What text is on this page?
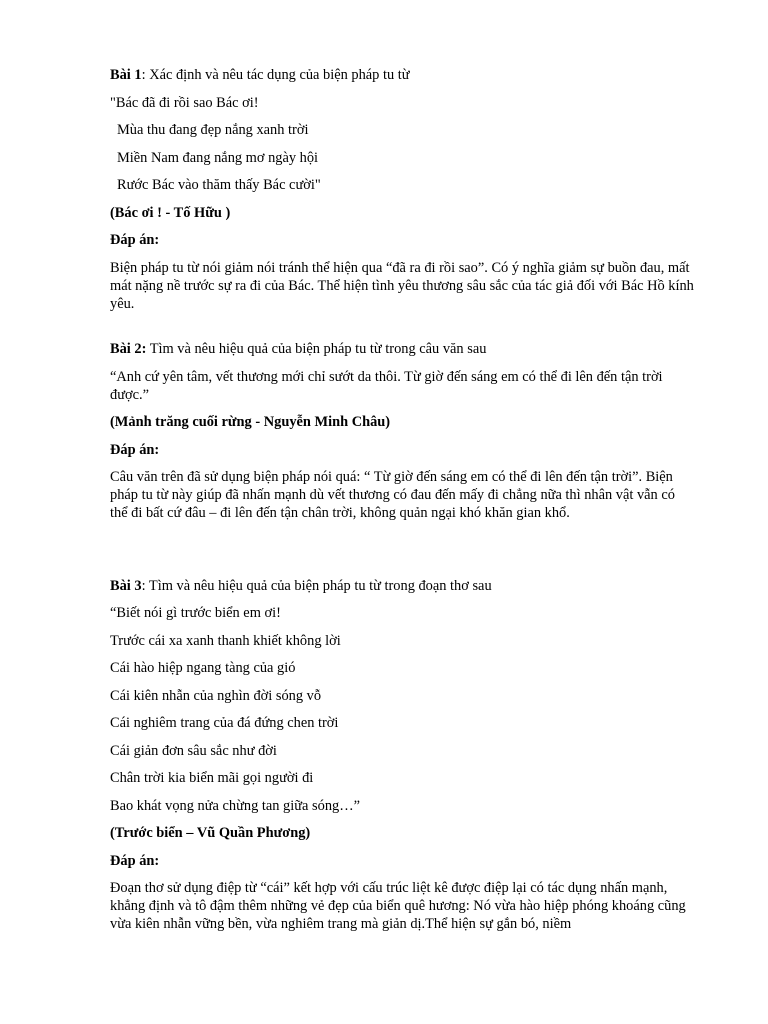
Bài 1: Xác định và nêu tác dụng của biện pháp tu từ

"Bác đã đi rồi sao Bác ơi!

Mùa thu đang đẹp nắng xanh trời

Miền Nam đang nắng mơ ngày hội

Rước Bác vào thăm thấy Bác cười"

(Bác ơi ! - Tố Hữu )

Đáp án:

Biện pháp tu từ nói giảm nói tránh thể hiện qua “đã ra đi rồi sao”. Có ý nghĩa giảm sự buồn đau, mất mát nặng nề trước sự ra đi của Bác. Thể hiện tình yêu thương sâu sắc của tác giả đối với Bác Hồ kính yêu.

Bài 2: Tìm và nêu hiệu quả của biện pháp tu từ trong câu văn sau

“Anh cứ yên tâm, vết thương mới chỉ sướt da thôi. Từ giờ đến sáng em có thể đi lên đến tận trời được.”

(Mảnh trăng cuối rừng - Nguyễn Minh Châu)

Đáp án:

Câu văn trên đã sử dụng biện pháp nói quá: “ Từ giờ đến sáng em có thể đi lên đến tận trời”. Biện pháp tu từ này giúp đã nhấn mạnh dù vết thương có đau đến mấy đi chẳng nữa thì nhân vật vẫn có thể đi bất cứ đâu – đi lên đến tận chân trời, không quản ngại khó khăn gian khổ.

Bài 3: Tìm và nêu hiệu quả của biện pháp tu từ trong đoạn thơ sau

“Biết nói gì trước biển em ơi!

Trước cái xa xanh thanh khiết không lời

Cái hào hiệp ngang tàng của gió

Cái kiên nhẫn của nghìn đời sóng vỗ

Cái nghiêm trang của đá đứng chen trời

Cái giản đơn sâu sắc như đời

Chân trời kia biển mãi gọi người đi

Bao khát vọng nửa chừng tan giữa sóng…”

(Trước biển – Vũ Quần Phương)

Đáp án:

Đoạn thơ sử dụng điệp từ “cái” kết hợp với cấu trúc liệt kê được điệp lại có tác dụng nhấn mạnh, khẳng định và tô đậm thêm những vẻ đẹp của biển quê hương: Nó vừa hào hiệp phóng khoáng cũng vừa kiên nhẫn vững bền, vừa nghiêm trang mà giản dị.Thể hiện sự gắn bó, niềm
